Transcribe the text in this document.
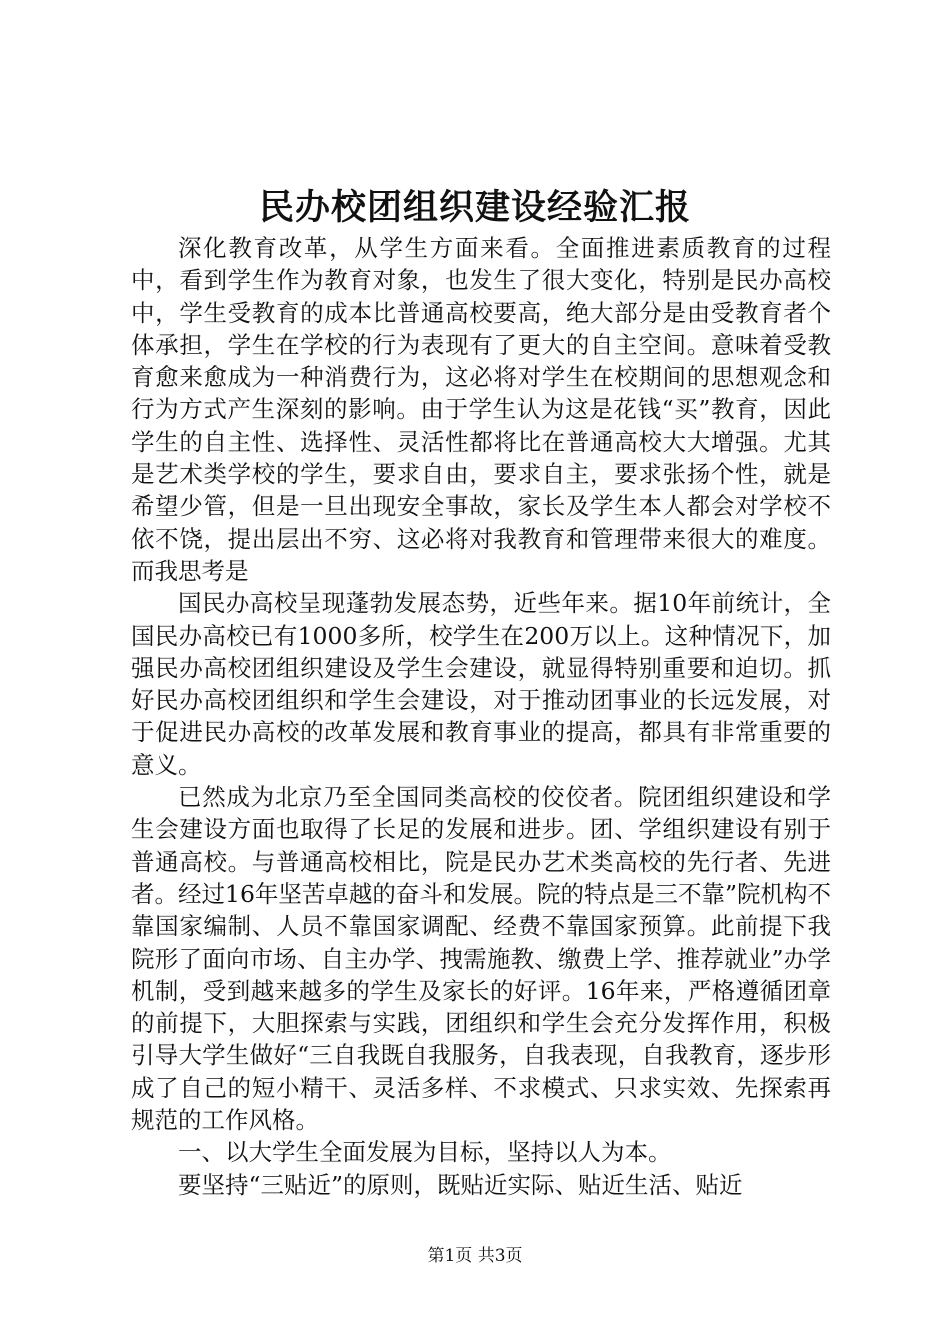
民办校团组织建设经验汇报

深化教育改革，从学生方面来看。全面推进素质教育的过程中，看到学生作为教育对象，也发生了很大变化，特别是民办高校中，学生受教育的成本比普通高校要高，绝大部分是由受教育者个体承担，学生在学校的行为表现有了更大的自主空间。意味着受教育愈来愈成为一种消费行为，这必将对学生在校期间的思想观念和行为方式产生深刻的影响。由于学生认为这是花钱“买”教育，因此学生的自主性、选择性、灵活性都将比在普通高校大大增强。尤其是艺术类学校的学生，要求自由，要求自主，要求张扬个性，就是希望少管，但是一旦出现安全事故，家长及学生本人都会对学校不依不饶，提出层出不穷、这必将对我教育和管理带来很大的难度。而我思考是

国民办高校呈现蓬勃发展态势，近些年来。据10年前统计，全国民办高校已有1000多所，校学生在200万以上。这种情况下，加强民办高校团组织建设及学生会建设，就显得特别重要和迫切。抓好民办高校团组织和学生会建设，对于推动团事业的长远发展，对于促进民办高校的改革发展和教育事业的提高，都具有非常重要的意义。

已然成为北京乃至全国同类高校的佼佼者。院团组织建设和学生会建设方面也取得了长足的发展和进步。团、学组织建设有别于普通高校。与普通高校相比，院是民办艺术类高校的先行者、先进者。经过16年坚苦卓越的奋斗和发展。院的特点是三不靠”院机构不靠国家编制、人员不靠国家调配、经费不靠国家预算。此前提下我院形了面向市场、自主办学、拽需施教、缴费上学、推荐就业”办学机制，受到越来越多的学生及家长的好评。16年来，严格遵循团章的前提下，大胆探索与实践，团组织和学生会充分发挥作用，积极引导大学生做好“三自我既自我服务，自我表现，自我教育，逐步形成了自己的短小精干、灵活多样、不求模式、只求实效、先探索再规范的工作风格。

一、以大学生全面发展为目标，坚持以人为本。

要坚持“三贴近”的原则，既贴近实际、贴近生活、贴近

第1页 共3页
